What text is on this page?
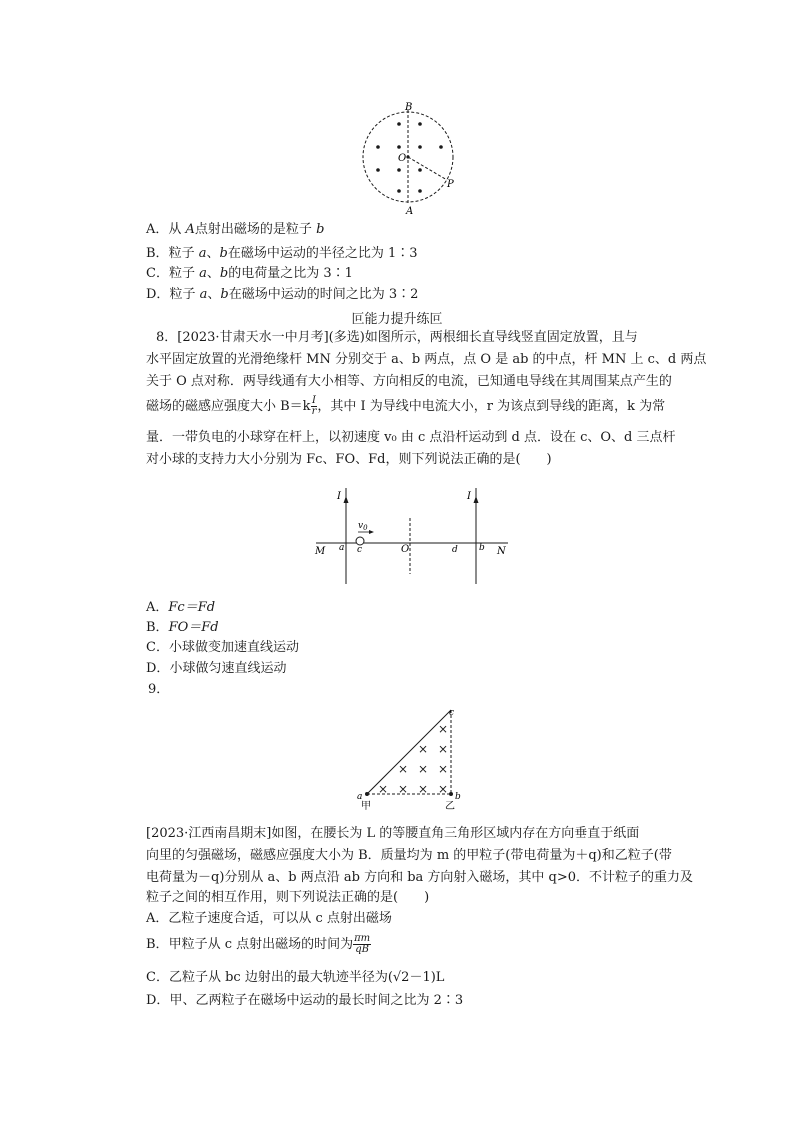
B
O
P
A
A．从 A点射出磁场的是粒子 b
B．粒子 a、b在磁场中运动的半径之比为 1∶3
C．粒子 a、b的电荷量之比为 3∶1
D．粒子 a、b在磁场中运动的时间之比为 3∶2
叵能力提升练叵
8．[2023·甘肃天水一中月考](多选)如图所示，两根细长直导线竖直固定放置，且与
水平固定放置的光滑绝缘杆 MN 分别交于 a、b 两点，点 O 是 ab 的中点，杆 MN 上 c、d 两点
关于 O 点对称．两导线通有大小相等、方向相反的电流，已知通电导线在其周围某点产生的
磁场的磁感应强度大小 $B=k \frac{I}{r}$ ，其中 I 为导线中电流大小，r 为该点到导线的距离，k 为常
量．一带负电的小球穿在杆上，以初速度 v₀ 由 c 点沿杆运动到 d 点．设在 c、O、d 三点杆
对小球的支持力大小分别为 Fc、FO、Fd，则下列说法正确的是(　　)
I	I
$v_0$
M a c	O	d b N
A．Fc＝Fd
B．FO＝Fd
C．小球做变加速直线运动
D．小球做匀速直线运动
9．
×
× ×
× × ×
× × × ×
c
a	b
甲	乙
[2023·江西南昌期末]如图，在腰长为 L 的等腰直角三角形区域内存在方向垂直于纸面
向里的匀强磁场，磁感应强度大小为 B．质量均为 m 的甲粒子(带电荷量为＋q)和乙粒子(带
电荷量为－q)分别从 a、b 两点沿 ab 方向和 ba 方向射入磁场，其中 q>0．不计粒子的重力及
粒子之间的相互作用，则下列说法正确的是(　　)
A．乙粒子速度合适，可以从 c 点射出磁场
B．甲粒子从 c 点射出磁场的时间为 $\frac{\pi m}{qB}$
C．乙粒子从 bc 边射出的最大轨迹半径为(√2－1)L
D．甲、乙两粒子在磁场中运动的最长时间之比为 2∶3
